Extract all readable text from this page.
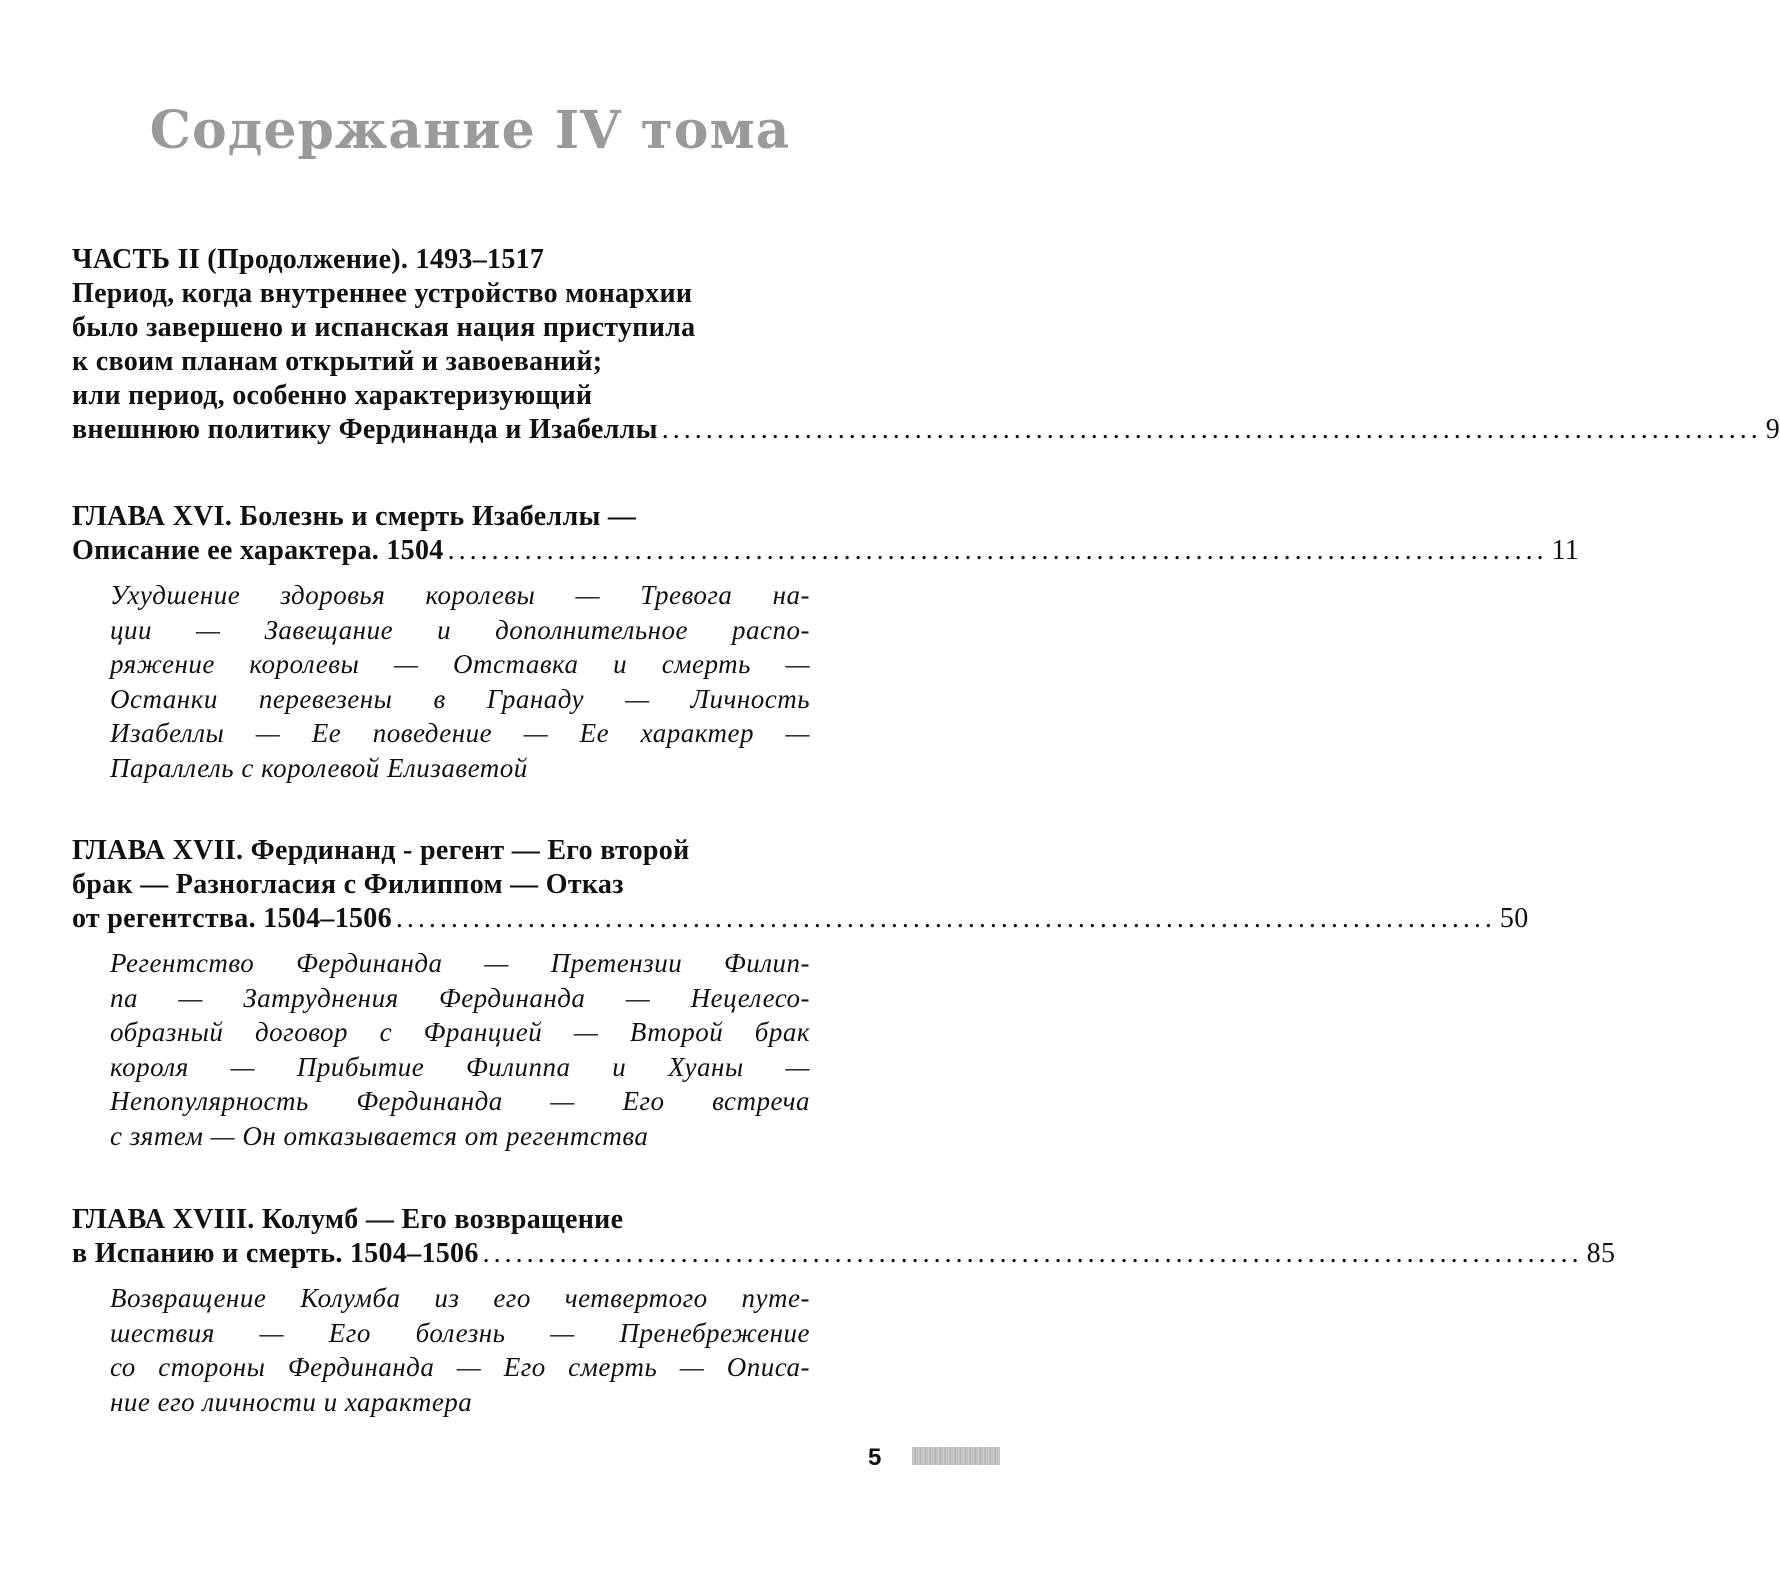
Содержание IV тома
ЧАСТЬ II (Продолжение). 1493–1517
Период, когда внутреннее устройство монархии
было завершено и испанская нация приступила
к своим планам открытий и завоеваний;
или период, особенно характеризующий
внешнюю политику Фердинанда и Изабеллы .................................................................................................... 9
ГЛАВА XVI. Болезнь и смерть Изабеллы —
Описание ее характера. 1504 .................................................................................................... 11
Ухудшение здоровья королевы — Тревога на-
ции — Завещание и дополнительное распо-
ряжение королевы — Отставка и смерть —
Останки перевезены в Гранаду — Личность
Изабеллы — Ее поведение — Ее характер —
Параллель с королевой Елизаветой
ГЛАВА XVII. Фердинанд - регент — Его второй
брак — Разногласия с Филиппом — Отказ
от регентства. 1504–1506 .................................................................................................... 50
Регентство Фердинанда — Претензии Филип-
па — Затруднения Фердинанда — Нецелесо-
образный договор с Францией — Второй брак
короля — Прибытие Филиппа и Хуаны —
Непопулярность Фердинанда — Его встреча
с зятем — Он отказывается от регентства
ГЛАВА XVIII. Колумб — Его возвращение
в Испанию и смерть. 1504–1506 .................................................................................................... 85
Возвращение Колумба из его четвертого путе-
шествия — Его болезнь — Пренебрежение
со стороны Фердинанда — Его смерть — Описа-
ние его личности и характера
5
